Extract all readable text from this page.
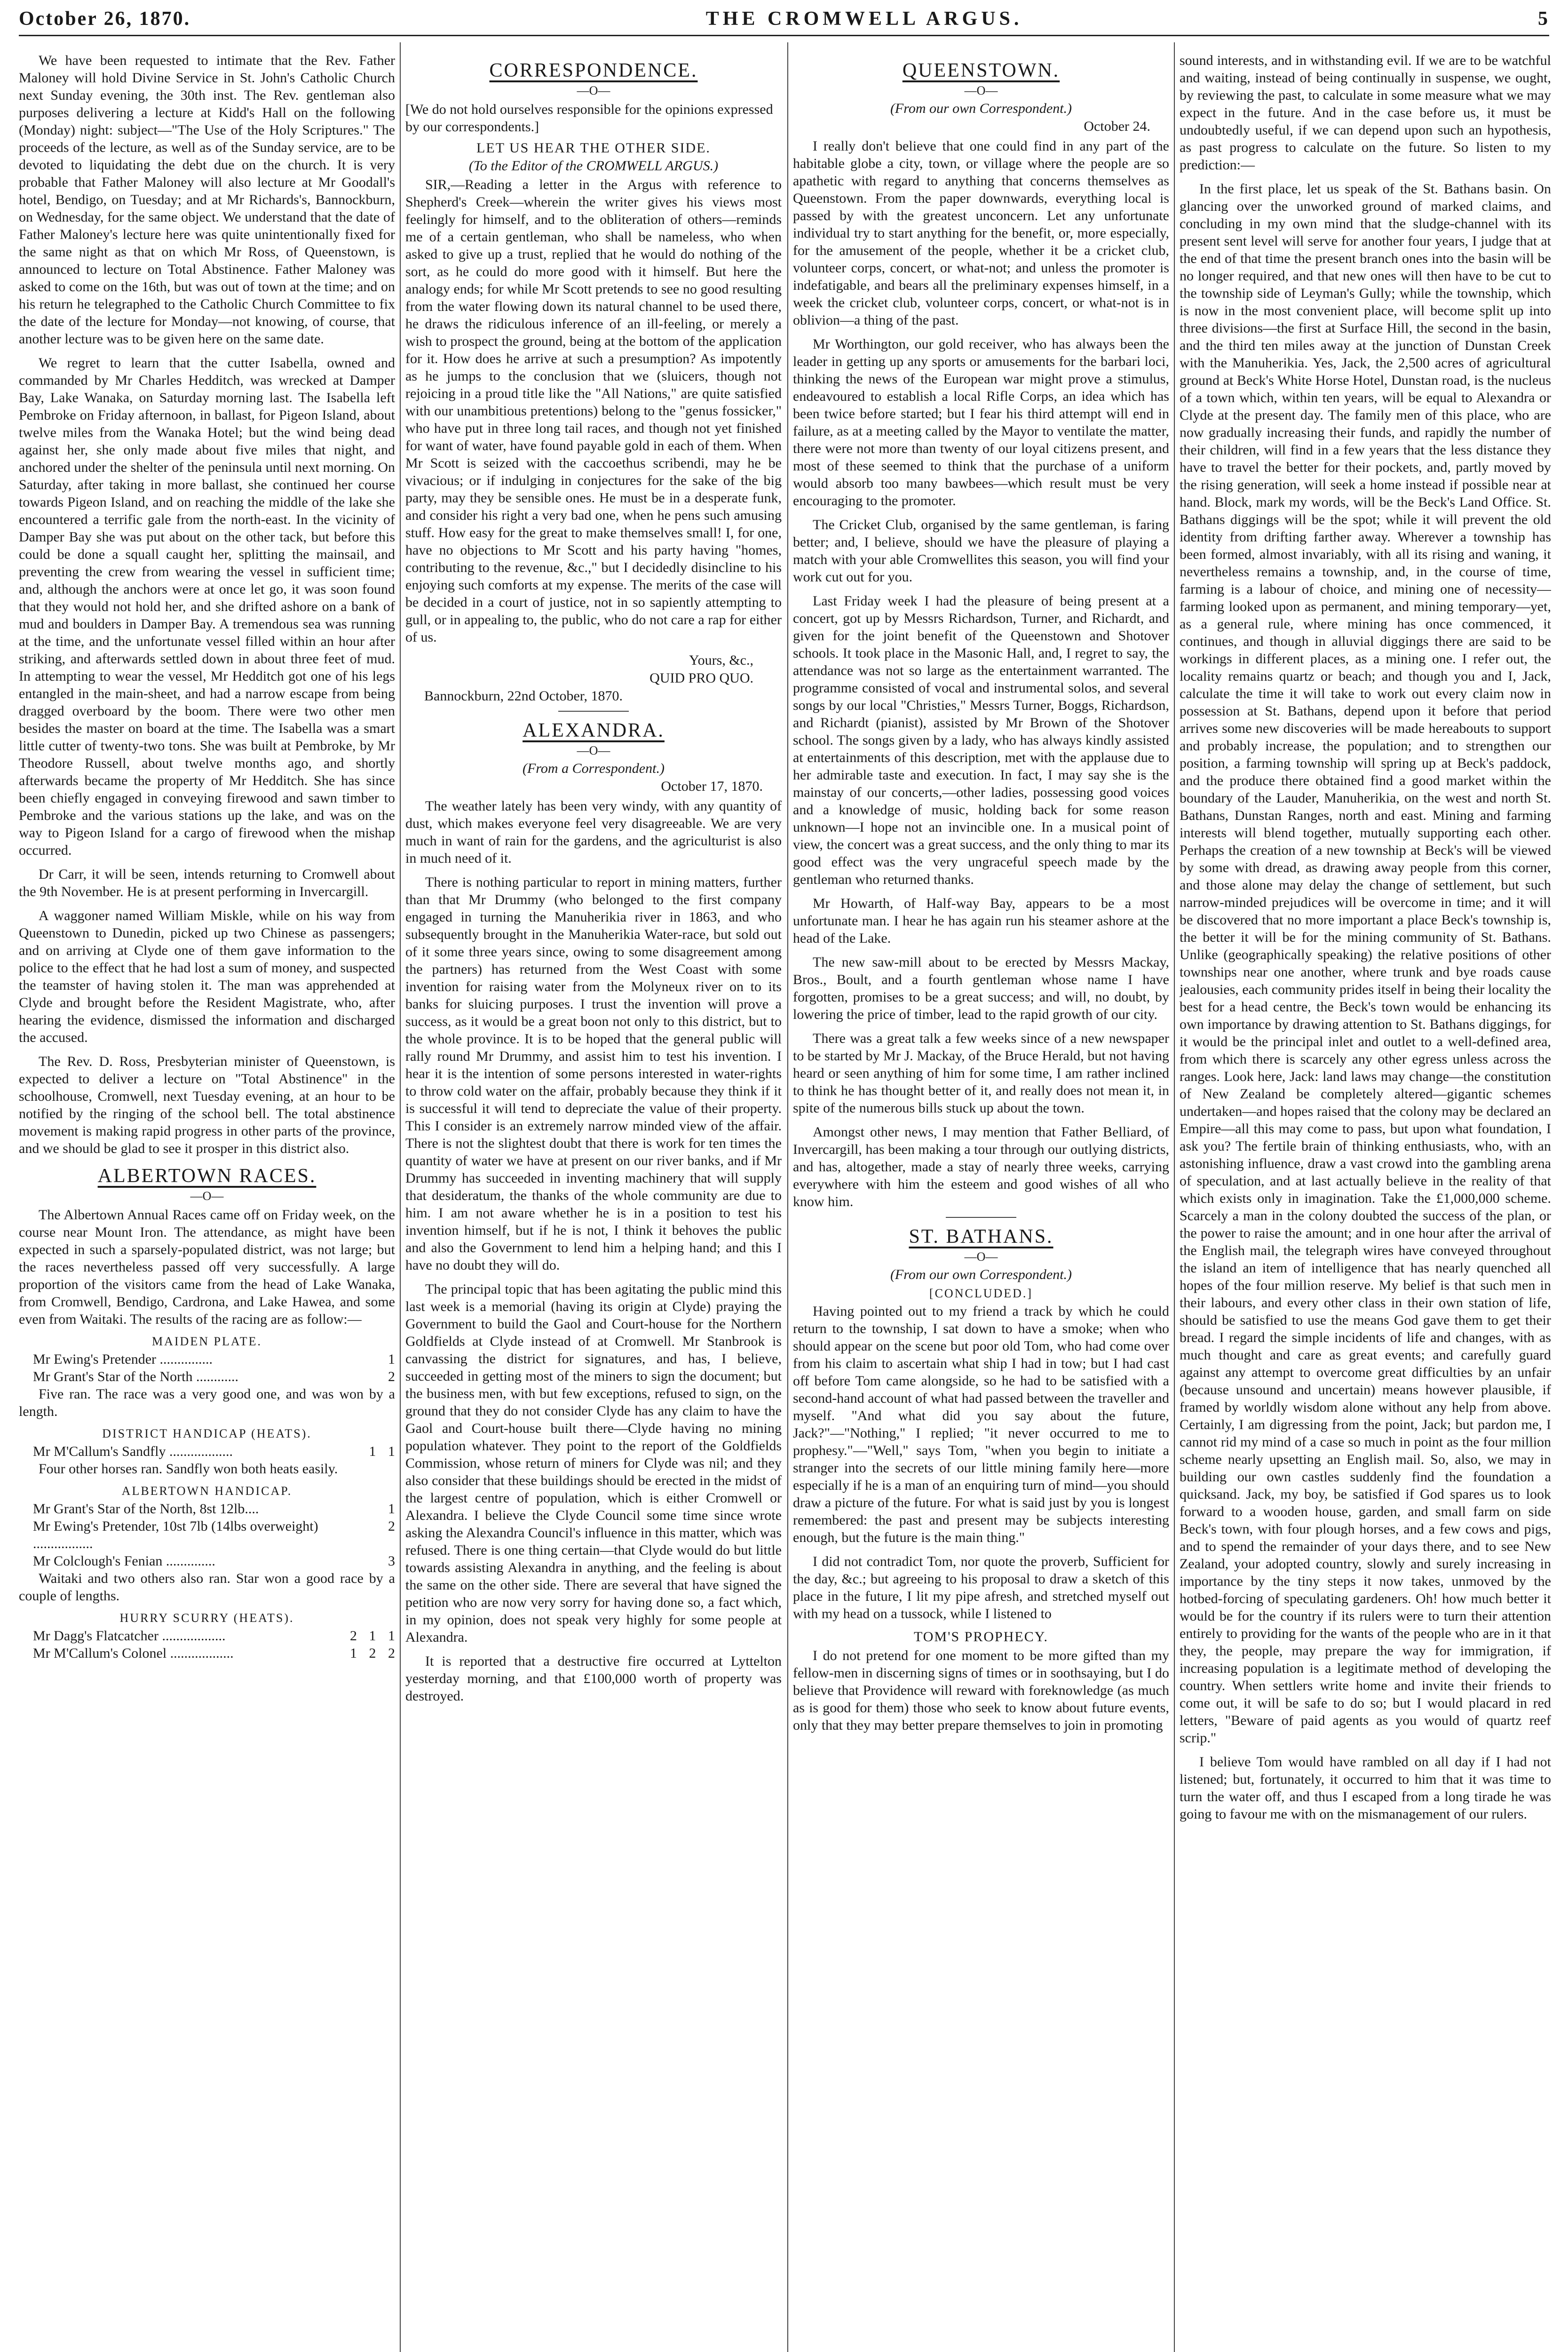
October 26, 1870.	THE CROMWELL ARGUS.	5

We have been requested to intimate that the Rev. Father Maloney will hold Divine Service in St. John's Catholic Church next Sunday evening, the 30th inst. The Rev. gentleman also purposes delivering a lecture at Kidd's Hall on the following (Monday) night: subject—"The Use of the Holy Scriptures." The proceeds of the lecture, as well as of the Sunday service, are to be devoted to liquidating the debt due on the church. It is very probable that Father Maloney will also lecture at Mr Goodall's hotel, Bendigo, on Tuesday; and at Mr Richards's, Bannockburn, on Wednesday, for the same object. We understand that the date of Father Maloney's lecture here was quite unintentionally fixed for the same night as that on which Mr Ross, of Queenstown, is announced to lecture on Total Abstinence. Father Maloney was asked to come on the 16th, but was out of town at the time; and on his return he telegraphed to the Catholic Church Committee to fix the date of the lecture for Monday—not knowing, of course, that another lecture was to be given here on the same date.

We regret to learn that the cutter Isabella, owned and commanded by Mr Charles Hedditch, was wrecked at Damper Bay, Lake Wanaka, on Saturday morning last. The Isabella left Pembroke on Friday afternoon, in ballast, for Pigeon Island, about twelve miles from the Wanaka Hotel; but the wind being dead against her, she only made about five miles that night, and anchored under the shelter of the peninsula until next morning. On Saturday, after taking in more ballast, she continued her course towards Pigeon Island, and on reaching the middle of the lake she encountered a terrific gale from the north-east. In the vicinity of Damper Bay she was put about on the other tack, but before this could be done a squall caught her, splitting the mainsail, and preventing the crew from wearing the vessel in sufficient time; and, although the anchors were at once let go, it was soon found that they would not hold her, and she drifted ashore on a bank of mud and boulders in Damper Bay. A tremendous sea was running at the time, and the unfortunate vessel filled within an hour after striking, and afterwards settled down in about three feet of mud. In attempting to wear the vessel, Mr Hedditch got one of his legs entangled in the main-sheet, and had a narrow escape from being dragged overboard by the boom. There were two other men besides the master on board at the time. The Isabella was a smart little cutter of twenty-two tons. She was built at Pembroke, by Mr Theodore Russell, about twelve months ago, and shortly afterwards became the property of Mr Hedditch. She has since been chiefly engaged in conveying firewood and sawn timber to Pembroke and the various stations up the lake, and was on the way to Pigeon Island for a cargo of firewood when the mishap occurred.

Dr Carr, it will be seen, intends returning to Cromwell about the 9th November. He is at present performing in Invercargill.

A waggoner named William Miskle, while on his way from Queenstown to Dunedin, picked up two Chinese as passengers; and on arriving at Clyde one of them gave information to the police to the effect that he had lost a sum of money, and suspected the teamster of having stolen it. The man was apprehended at Clyde and brought before the Resident Magistrate, who, after hearing the evidence, dismissed the information and discharged the accused.

The Rev. D. Ross, Presbyterian minister of Queenstown, is expected to deliver a lecture on "Total Abstinence" in the schoolhouse, Cromwell, next Tuesday evening, at an hour to be notified by the ringing of the school bell. The total abstinence movement is making rapid progress in other parts of the province, and we should be glad to see it prosper in this district also.

ALBERTOWN RACES.
—O—

The Albertown Annual Races came off on Friday week, on the course near Mount Iron. The attendance, as might have been expected in such a sparsely-populated district, was not large; but the races nevertheless passed off very successfully. A large proportion of the visitors came from the head of Lake Wanaka, from Cromwell, Bendigo, Cardrona, and Lake Hawea, and some even from Waitaki. The results of the racing are as follow:—

MAIDEN PLATE.
Mr Ewing's Pretender ...............	1
Mr Grant's Star of the North ............	2

Five ran. The race was a very good one, and was won by a length.

DISTRICT HANDICAP (HEATS).
Mr M'Callum's Sandfly ..................	1 1

Four other horses ran. Sandfly won both heats easily.

ALBERTOWN HANDICAP.
Mr Grant's Star of the North, 8st 12lb....	1
Mr Ewing's Pretender, 10st 7lb (14lbs overweight) .................
2
Mr Colclough's Fenian ..............	3

Waitaki and two others also ran. Star won a good race by a couple of lengths.

HURRY SCURRY (HEATS).
Mr Dagg's Flatcatcher ..................	2 1 1
Mr M'Callum's Colonel ..................	1 2 2
CORRESPONDENCE.
—O—
[We do not hold ourselves responsible for the opinions expressed by our correspondents.]
LET US HEAR THE OTHER SIDE.
(To the Editor of the CROMWELL ARGUS.)

SIR,—Reading a letter in the Argus with reference to Shepherd's Creek—wherein the writer gives his views most feelingly for himself, and to the obliteration of others—reminds me of a certain gentleman, who shall be nameless, who when asked to give up a trust, replied that he would do nothing of the sort, as he could do more good with it himself. But here the analogy ends; for while Mr Scott pretends to see no good resulting from the water flowing down its natural channel to be used there, he draws the ridiculous inference of an ill-feeling, or merely a wish to prospect the ground, being at the bottom of the application for it. How does he arrive at such a presumption? As impotently as he jumps to the conclusion that we (sluicers, though not rejoicing in a proud title like the "All Nations," are quite satisfied with our unambitious pretentions) belong to the "genus fossicker," who have put in three long tail races, and though not yet finished for want of water, have found payable gold in each of them. When Mr Scott is seized with the caccoethus scribendi, may he be vivacious; or if indulging in conjectures for the sake of the big party, may they be sensible ones. He must be in a desperate funk, and consider his right a very bad one, when he pens such amusing stuff. How easy for the great to make themselves small! I, for one, have no objections to Mr Scott and his party having "homes, contributing to the revenue, &c.," but I decidedly disincline to his enjoying such comforts at my expense. The merits of the case will be decided in a court of justice, not in so sapiently attempting to gull, or in appealing to, the public, who do not care a rap for either of us.

Yours, &c.,
QUID PRO QUO.
Bannockburn, 22nd October, 1870.
ALEXANDRA.
—O—
(From a Correspondent.)
October 17, 1870.

The weather lately has been very windy, with any quantity of dust, which makes everyone feel very disagreeable. We are very much in want of rain for the gardens, and the agriculturist is also in much need of it.

There is nothing particular to report in mining matters, further than that Mr Drummy (who belonged to the first company engaged in turning the Manuherikia river in 1863, and who subsequently brought in the Manuherikia Water-race, but sold out of it some three years since, owing to some disagreement among the partners) has returned from the West Coast with some invention for raising water from the Molyneux river on to its banks for sluicing purposes. I trust the invention will prove a success, as it would be a great boon not only to this district, but to the whole province. It is to be hoped that the general public will rally round Mr Drummy, and assist him to test his invention. I hear it is the intention of some persons interested in water-rights to throw cold water on the affair, probably because they think if it is successful it will tend to depreciate the value of their property. This I consider is an extremely narrow minded view of the affair. There is not the slightest doubt that there is work for ten times the quantity of water we have at present on our river banks, and if Mr Drummy has succeeded in inventing machinery that will supply that desideratum, the thanks of the whole community are due to him. I am not aware whether he is in a position to test his invention himself, but if he is not, I think it behoves the public and also the Government to lend him a helping hand; and this I have no doubt they will do.

The principal topic that has been agitating the public mind this last week is a memorial (having its origin at Clyde) praying the Government to build the Gaol and Court-house for the Northern Goldfields at Clyde instead of at Cromwell. Mr Stanbrook is canvassing the district for signatures, and has, I believe, succeeded in getting most of the miners to sign the document; but the business men, with but few exceptions, refused to sign, on the ground that they do not consider Clyde has any claim to have the Gaol and Court-house built there—Clyde having no mining population whatever. They point to the report of the Goldfields Commission, whose return of miners for Clyde was nil; and they also consider that these buildings should be erected in the midst of the largest centre of population, which is either Cromwell or Alexandra. I believe the Clyde Council some time since wrote asking the Alexandra Council's influence in this matter, which was refused. There is one thing certain—that Clyde would do but little towards assisting Alexandra in anything, and the feeling is about the same on the other side. There are several that have signed the petition who are now very sorry for having done so, a fact which, in my opinion, does not speak very highly for some people at Alexandra.

It is reported that a destructive fire occurred at Lyttelton yesterday morning, and that £100,000 worth of property was destroyed.

QUEENSTOWN.
—O—
(From our own Correspondent.)
October 24.

I really don't believe that one could find in any part of the habitable globe a city, town, or village where the people are so apathetic with regard to anything that concerns themselves as Queenstown. From the paper downwards, everything local is passed by with the greatest unconcern. Let any unfortunate individual try to start anything for the benefit, or, more especially, for the amusement of the people, whether it be a cricket club, volunteer corps, concert, or what-not; and unless the promoter is indefatigable, and bears all the preliminary expenses himself, in a week the cricket club, volunteer corps, concert, or what-not is in oblivion—a thing of the past.

Mr Worthington, our gold receiver, who has always been the leader in getting up any sports or amusements for the barbari loci, thinking the news of the European war might prove a stimulus, endeavoured to establish a local Rifle Corps, an idea which has been twice before started; but I fear his third attempt will end in failure, as at a meeting called by the Mayor to ventilate the matter, there were not more than twenty of our loyal citizens present, and most of these seemed to think that the purchase of a uniform would absorb too many bawbees—which result must be very encouraging to the promoter.

The Cricket Club, organised by the same gentleman, is faring better; and, I believe, should we have the pleasure of playing a match with your able Cromwellites this season, you will find your work cut out for you.

Last Friday week I had the pleasure of being present at a concert, got up by Messrs Richardson, Turner, and Richardt, and given for the joint benefit of the Queenstown and Shotover schools. It took place in the Masonic Hall, and, I regret to say, the attendance was not so large as the entertainment warranted. The programme consisted of vocal and instrumental solos, and several songs by our local "Christies," Messrs Turner, Boggs, Richardson, and Richardt (pianist), assisted by Mr Brown of the Shotover school. The songs given by a lady, who has always kindly assisted at entertainments of this description, met with the applause due to her admirable taste and execution. In fact, I may say she is the mainstay of our concerts,—other ladies, possessing good voices and a knowledge of music, holding back for some reason unknown—I hope not an invincible one. In a musical point of view, the concert was a great success, and the only thing to mar its good effect was the very ungraceful speech made by the gentleman who returned thanks.

Mr Howarth, of Half-way Bay, appears to be a most unfortunate man. I hear he has again run his steamer ashore at the head of the Lake.

The new saw-mill about to be erected by Messrs Mackay, Bros., Boult, and a fourth gentleman whose name I have forgotten, promises to be a great success; and will, no doubt, by lowering the price of timber, lead to the rapid growth of our city.

There was a great talk a few weeks since of a new newspaper to be started by Mr J. Mackay, of the Bruce Herald, but not having heard or seen anything of him for some time, I am rather inclined to think he has thought better of it, and really does not mean it, in spite of the numerous bills stuck up about the town.

Amongst other news, I may mention that Father Belliard, of Invercargill, has been making a tour through our outlying districts, and has, altogether, made a stay of nearly three weeks, carrying everywhere with him the esteem and good wishes of all who know him.

ST. BATHANS.
—O—
(From our own Correspondent.)
[CONCLUDED.]

Having pointed out to my friend a track by which he could return to the township, I sat down to have a smoke; when who should appear on the scene but poor old Tom, who had come over from his claim to ascertain what ship I had in tow; but I had cast off before Tom came alongside, so he had to be satisfied with a second-hand account of what had passed between the traveller and myself. "And what did you say about the future, Jack?"—"Nothing," I replied; "it never occurred to me to prophesy."—"Well," says Tom, "when you begin to initiate a stranger into the secrets of our little mining family here—more especially if he is a man of an enquiring turn of mind—you should draw a picture of the future. For what is said just by you is longest remembered: the past and present may be subjects interesting enough, but the future is the main thing."

I did not contradict Tom, nor quote the proverb, Sufficient for the day, &c.; but agreeing to his proposal to draw a sketch of this place in the future, I lit my pipe afresh, and stretched myself out with my head on a tussock, while I listened to

TOM'S PROPHECY.

I do not pretend for one moment to be more gifted than my fellow-men in discerning signs of times or in soothsaying, but I do believe that Providence will reward with foreknowledge (as much as is good for them) those who seek to know about future events, only that they may better prepare themselves to join in promoting

sound interests, and in withstanding evil. If we are to be watchful and waiting, instead of being continually in suspense, we ought, by reviewing the past, to calculate in some measure what we may expect in the future. And in the case before us, it must be undoubtedly useful, if we can depend upon such an hypothesis, as past progress to calculate on the future. So listen to my prediction:—

In the first place, let us speak of the St. Bathans basin. On glancing over the unworked ground of marked claims, and concluding in my own mind that the sludge-channel with its present sent level will serve for another four years, I judge that at the end of that time the present branch ones into the basin will be no longer required, and that new ones will then have to be cut to the township side of Leyman's Gully; while the township, which is now in the most convenient place, will become split up into three divisions—the first at Surface Hill, the second in the basin, and the third ten miles away at the junction of Dunstan Creek with the Manuherikia. Yes, Jack, the 2,500 acres of agricultural ground at Beck's White Horse Hotel, Dunstan road, is the nucleus of a town which, within ten years, will be equal to Alexandra or Clyde at the present day. The family men of this place, who are now gradually increasing their funds, and rapidly the number of their children, will find in a few years that the less distance they have to travel the better for their pockets, and, partly moved by the rising generation, will seek a home instead if possible near at hand. Block, mark my words, will be the Beck's Land Office. St. Bathans diggings will be the spot; while it will prevent the old identity from drifting farther away. Wherever a township has been formed, almost invariably, with all its rising and waning, it nevertheless remains a township, and, in the course of time, farming is a labour of choice, and mining one of necessity—farming looked upon as permanent, and mining temporary—yet, as a general rule, where mining has once commenced, it continues, and though in alluvial diggings there are said to be workings in different places, as a mining one. I refer out, the locality remains quartz or beach; and though you and I, Jack, calculate the time it will take to work out every claim now in possession at St. Bathans, depend upon it before that period arrives some new discoveries will be made hereabouts to support and probably increase, the population; and to strengthen our position, a farming township will spring up at Beck's paddock, and the produce there obtained find a good market within the boundary of the Lauder, Manuherikia, on the west and north St. Bathans, Dunstan Ranges, north and east. Mining and farming interests will blend together, mutually supporting each other. Perhaps the creation of a new township at Beck's will be viewed by some with dread, as drawing away people from this corner, and those alone may delay the change of settlement, but such narrow-minded prejudices will be overcome in time; and it will be discovered that no more important a place Beck's township is, the better it will be for the mining community of St. Bathans. Unlike (geographically speaking) the relative positions of other townships near one another, where trunk and bye roads cause jealousies, each community prides itself in being their locality the best for a head centre, the Beck's town would be enhancing its own importance by drawing attention to St. Bathans diggings, for it would be the principal inlet and outlet to a well-defined area, from which there is scarcely any other egress unless across the ranges. Look here, Jack: land laws may change—the constitution of New Zealand be completely altered—gigantic schemes undertaken—and hopes raised that the colony may be declared an Empire—all this may come to pass, but upon what foundation, I ask you? The fertile brain of thinking enthusiasts, who, with an astonishing influence, draw a vast crowd into the gambling arena of speculation, and at last actually believe in the reality of that which exists only in imagination. Take the £1,000,000 scheme. Scarcely a man in the colony doubted the success of the plan, or the power to raise the amount; and in one hour after the arrival of the English mail, the telegraph wires have conveyed throughout the island an item of intelligence that has nearly quenched all hopes of the four million reserve. My belief is that such men in their labours, and every other class in their own station of life, should be satisfied to use the means God gave them to get their bread. I regard the simple incidents of life and changes, with as much thought and care as great events; and carefully guard against any attempt to overcome great difficulties by an unfair (because unsound and uncertain) means however plausible, if framed by worldly wisdom alone without any help from above. Certainly, I am digressing from the point, Jack; but pardon me, I cannot rid my mind of a case so much in point as the four million scheme nearly upsetting an English mail. So, also, we may in building our own castles suddenly find the foundation a quicksand. Jack, my boy, be satisfied if God spares us to look forward to a wooden house, garden, and small farm on side Beck's town, with four plough horses, and a few cows and pigs, and to spend the remainder of your days there, and to see New Zealand, your adopted country, slowly and surely increasing in importance by the tiny steps it now takes, unmoved by the hotbed-forcing of speculating gardeners. Oh! how much better it would be for the country if its rulers were to turn their attention entirely to providing for the wants of the people who are in it that they, the people, may prepare the way for immigration, if increasing population is a legitimate method of developing the country. When settlers write home and invite their friends to come out, it will be safe to do so; but I would placard in red letters, "Beware of paid agents as you would of quartz reef scrip."

I believe Tom would have rambled on all day if I had not listened; but, fortunately, it occurred to him that it was time to turn the water off, and thus I escaped from a long tirade he was going to favour me with on the mismanagement of our rulers.
